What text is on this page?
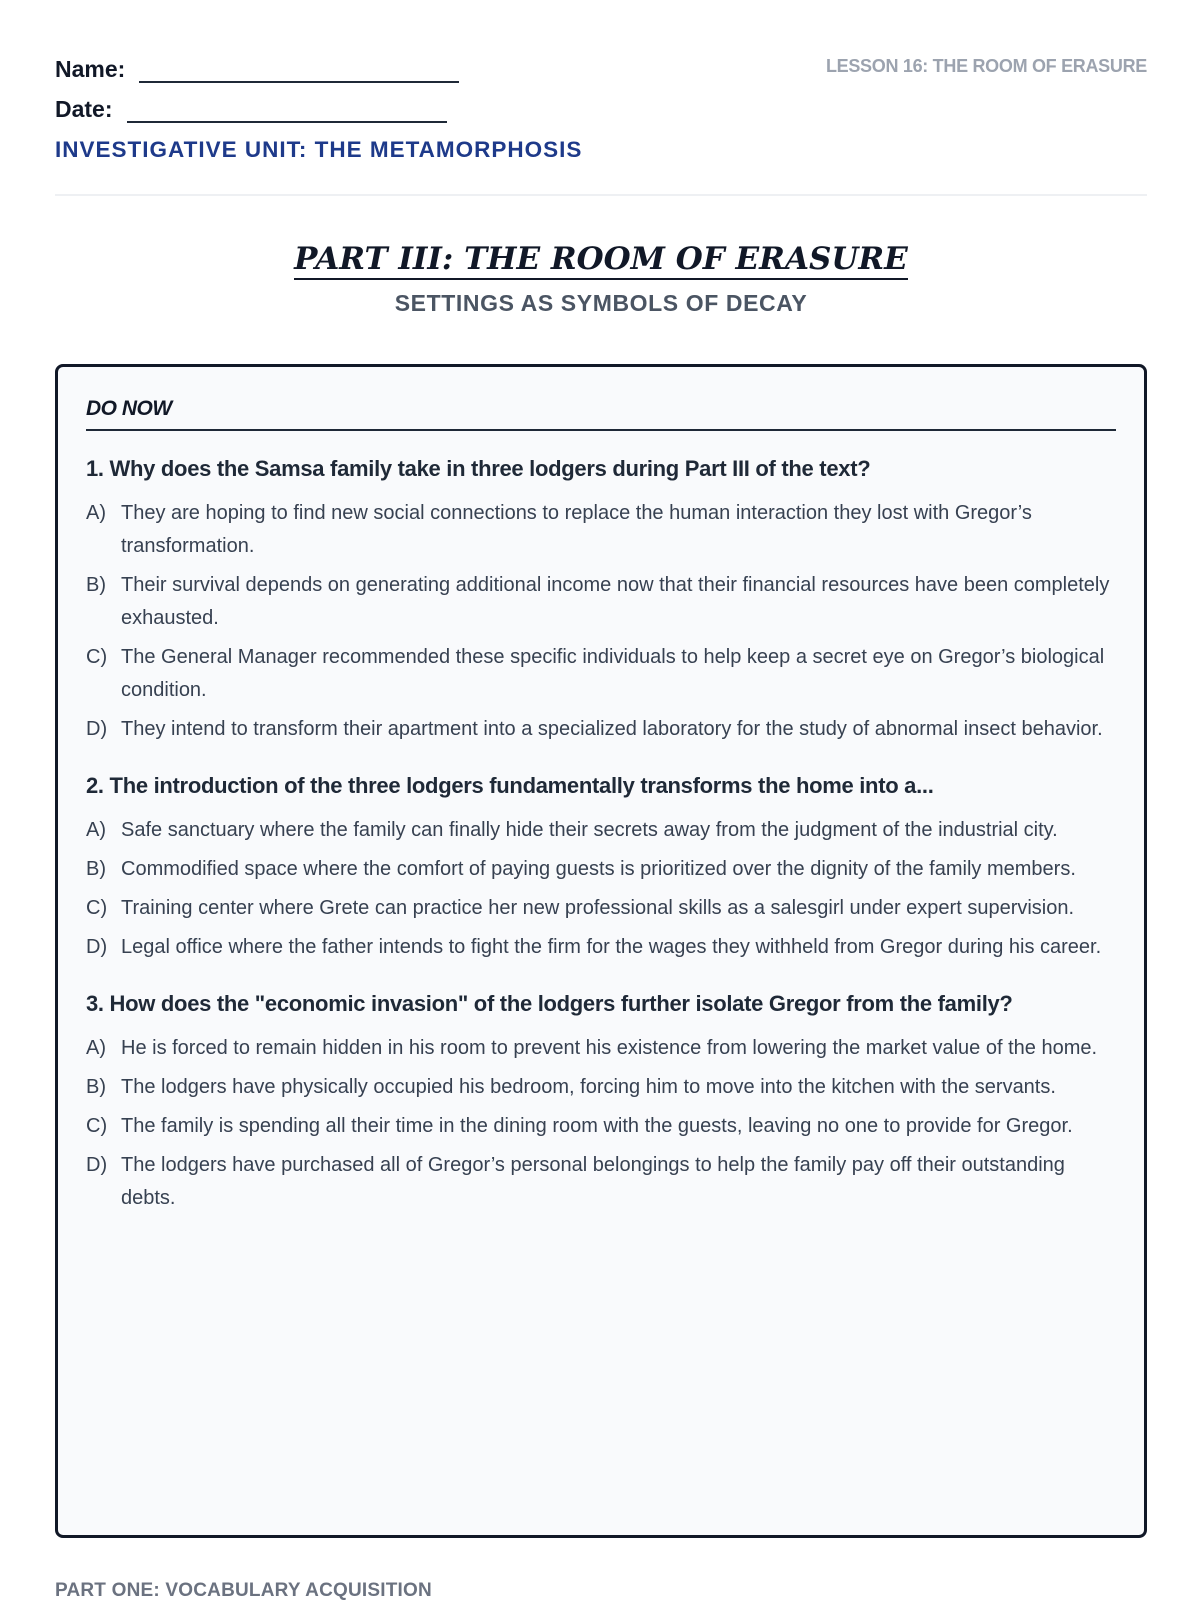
Name:
Date:
INVESTIGATIVE UNIT: THE METAMORPHOSIS
LESSON 16: THE ROOM OF ERASURE
PART III: THE ROOM OF ERASURE
SETTINGS AS SYMBOLS OF DECAY
DO NOW
1. Why does the Samsa family take in three lodgers during Part III of the text?
A) They are hoping to find new social connections to replace the human interaction they lost with Gregor’s transformation.
B) Their survival depends on generating additional income now that their financial resources have been completely exhausted.
C) The General Manager recommended these specific individuals to help keep a secret eye on Gregor’s biological condition.
D) They intend to transform their apartment into a specialized laboratory for the study of abnormal insect behavior.
2. The introduction of the three lodgers fundamentally transforms the home into a...
A) Safe sanctuary where the family can finally hide their secrets away from the judgment of the industrial city.
B) Commodified space where the comfort of paying guests is prioritized over the dignity of the family members.
C) Training center where Grete can practice her new professional skills as a salesgirl under expert supervision.
D) Legal office where the father intends to fight the firm for the wages they withheld from Gregor during his career.
3. How does the "economic invasion" of the lodgers further isolate Gregor from the family?
A) He is forced to remain hidden in his room to prevent his existence from lowering the market value of the home.
B) The lodgers have physically occupied his bedroom, forcing him to move into the kitchen with the servants.
C) The family is spending all their time in the dining room with the guests, leaving no one to provide for Gregor.
D) The lodgers have purchased all of Gregor’s personal belongings to help the family pay off their outstanding debts.
PART ONE: VOCABULARY ACQUISITION
